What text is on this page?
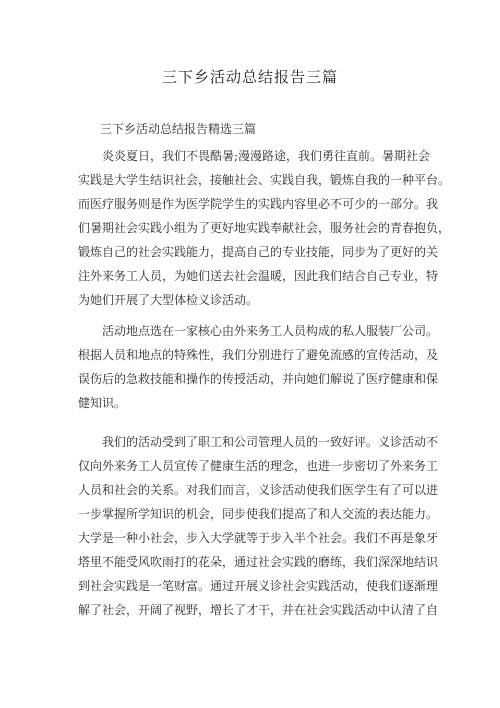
三下乡活动总结报告三篇
三下乡活动总结报告精选三篇
炎炎夏日，我们不畏酷暑;漫漫路途，我们勇往直前。暑期社会
实践是大学生结识社会，接触社会、实践自我，锻炼自我的一种平台。
而医疗服务则是作为医学院学生的实践内容里必不可少的一部分。我
们暑期社会实践小组为了更好地实践奉献社会，服务社会的青春抱负，
锻炼自己的社会实践能力，提高自己的专业技能，同步为了更好的关
注外来务工人员，为她们送去社会温暖，因此我们结合自己专业，特
为她们开展了大型体检义诊活动。
活动地点选在一家核心由外来务工人员构成的私人服装厂公司。
根据人员和地点的特殊性，我们分别进行了避免流感的宣传活动，及
误伤后的急救技能和操作的传授活动，并向她们解说了医疗健康和保
健知识。
我们的活动受到了职工和公司管理人员的一致好评。义诊活动不
仅向外来务工人员宣传了健康生活的理念，也进一步密切了外来务工
人员和社会的关系。对我们而言，义诊活动使我们医学生有了可以进
一步掌握所学知识的机会，同步使我们提高了和人交流的表达能力。
大学是一种小社会，步入大学就等于步入半个社会。我们不再是象牙
塔里不能受风吹雨打的花朵，通过社会实践的磨练，我们深深地结识
到社会实践是一笔财富。通过开展义诊社会实践活动，使我们逐渐理
解了社会，开阔了视野，增长了才干，并在社会实践活动中认清了自
